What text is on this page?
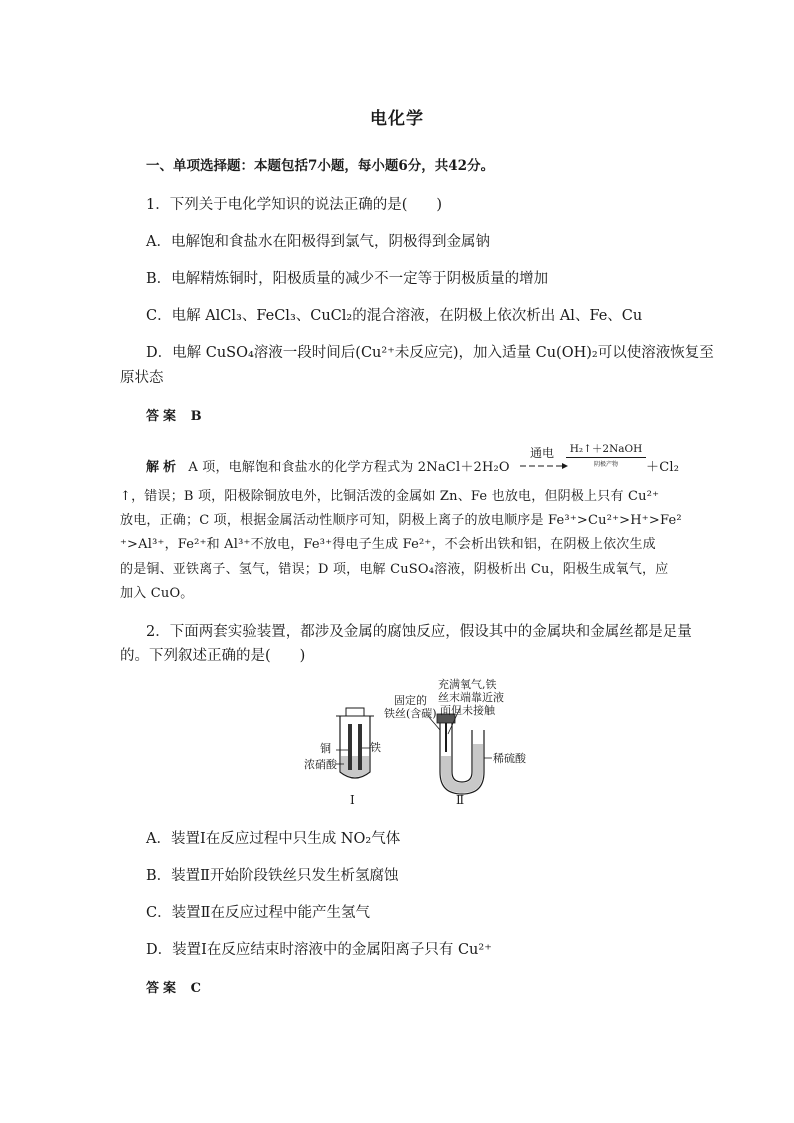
电化学
一、单项选择题：本题包括7小题，每小题6分，共42分。
1．下列关于电化学知识的说法正确的是(　　)
A．电解饱和食盐水在阳极得到氯气，阴极得到金属钠
B．电解精炼铜时，阳极质量的减少不一定等于阴极质量的增加
C．电解 AlCl₃、FeCl₃、CuCl₂的混合溶液，在阴极上依次析出 Al、Fe、Cu
D．电解 CuSO₄溶液一段时间后(Cu²⁺未反应完)，加入适量 Cu(OH)₂可以使溶液恢复至
原状态
答案 B
解析 A 项，电解饱和食盐水的化学方程式为 2NaCl＋2H₂O
通电	H₂↑＋2NaOH
阴极产物	＋Cl₂
↑，错误；B 项，阳极除铜放电外，比铜活泼的金属如 Zn、Fe 也放电，但阴极上只有 Cu²⁺
放电，正确；C 项，根据金属活动性顺序可知，阴极上离子的放电顺序是 Fe³⁺>Cu²⁺>H⁺>Fe²
⁺>Al³⁺，Fe²⁺和 Al³⁺不放电，Fe³⁺得电子生成 Fe²⁺，不会析出铁和铝，在阴极上依次生成
的是铜、亚铁离子、氢气，错误；D 项，电解 CuSO₄溶液，阴极析出 Cu，阳极生成氧气，应
加入 CuO。
2．下面两套实验装置，都涉及金属的腐蚀反应，假设其中的金属块和金属丝都是足量
的。下列叙述正确的是(　　)
铜	铁
浓硝酸
固定的
铁丝(含碳)
充满氧气,铁
丝末端靠近液
面但未接触
稀硫酸
Ⅰ	Ⅱ
A．装置Ⅰ在反应过程中只生成 NO₂气体
B．装置Ⅱ开始阶段铁丝只发生析氢腐蚀
C．装置Ⅱ在反应过程中能产生氢气
D．装置Ⅰ在反应结束时溶液中的金属阳离子只有 Cu²⁺
答案 C
